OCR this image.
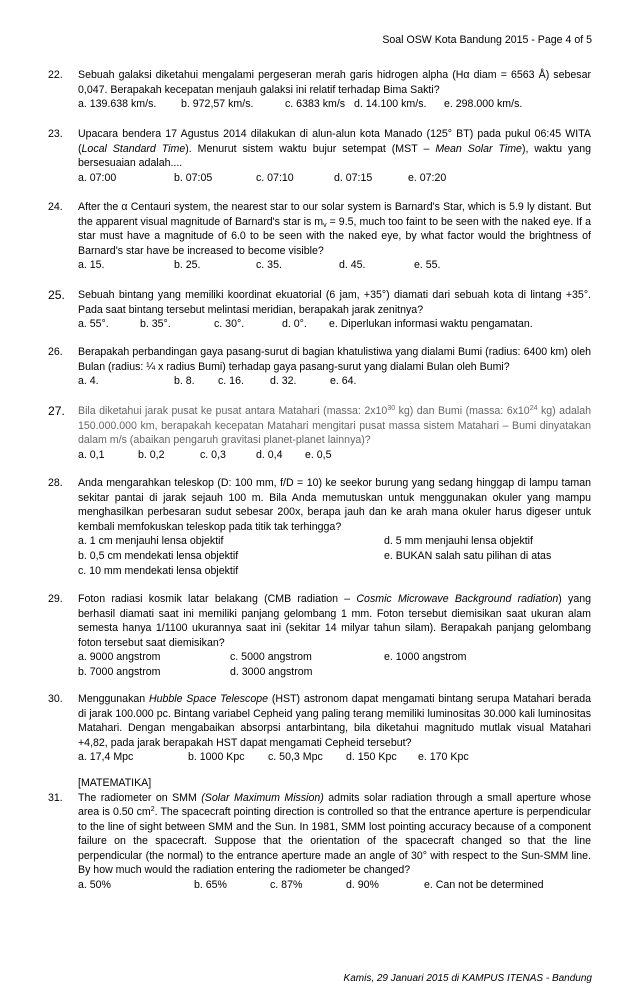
Soal OSW Kota Bandung 2015 - Page 4 of 5
22. Sebuah galaksi diketahui mengalami pergeseran merah garis hidrogen alpha (Hα diam = 6563 Å) sebesar 0,047. Berapakah kecepatan menjauh galaksi ini relatif terhadap Bima Sakti?
a. 139.638 km/s. b. 972,57 km/s.	c. 6383 km/s d. 14.100 km/s. e. 298.000 km/s.
23. Upacara bendera 17 Agustus 2014 dilakukan di alun-alun kota Manado (125° BT) pada pukul 06:45 WITA (Local Standard Time). Menurut sistem waktu bujur setempat (MST – Mean Solar Time), waktu yang bersesuaian adalah....
a. 07:00	b. 07:05	c. 07:10	d. 07:15	e. 07:20
24. After the α Centauri system, the nearest star to our solar system is Barnard's Star, which is 5.9 ly distant. But the apparent visual magnitude of Barnard's star is $m_v = 9.5$, much too faint to be seen with the naked eye. If a star must have a magnitude of 6.0 to be seen with the naked eye, by what factor would the brightness of Barnard's star have be increased to become visible?
a. 15.	b. 25.	c. 35.	d. 45.	e. 55.
25. Sebuah bintang yang memiliki koordinat ekuatorial (6 jam, +35°) diamati dari sebuah kota di lintang +35°. Pada saat bintang tersebut melintasi meridian, berapakah jarak zenitnya?
a. 55°.	b. 35°.	c. 30°.	d. 0°. e. Diperlukan informasi waktu pengamatan.
26. Berapakah perbandingan gaya pasang-surut di bagian khatulistiwa yang dialami Bumi (radius: 6400 km) oleh Bulan (radius: ¼ x radius Bumi) terhadap gaya pasang-surut yang dialami Bulan oleh Bumi?
a. 4.	b. 8. c. 16. d. 32.	e. 64.
27. Bila diketahui jarak pusat ke pusat antara Matahari (massa: $2x10^{30}$ kg) dan Bumi (massa: $6x10^{24}$ kg) adalah 150.000.000 km, berapakah kecepatan Matahari mengitari pusat massa sistem Matahari – Bumi dinyatakan dalam m/s (abaikan pengaruh gravitasi planet-planet lainnya)?
a. 0,1	b. 0,2	c. 0,3	d. 0,4 e. 0,5
28. Anda mengarahkan teleskop (D: 100 mm, f/D = 10) ke seekor burung yang sedang hinggap di lampu taman sekitar pantai di jarak sejauh 100 m. Bila Anda memutuskan untuk menggunakan okuler yang mampu menghasilkan perbesaran sudut sebesar 200x, berapa jauh dan ke arah mana okuler harus digeser untuk kembali memfokuskan teleskop pada titik tak terhingga?
a. 1 cm menjauhi lensa objektif	d. 5 mm menjauhi lensa objektif
b. 0,5 cm mendekati lensa objektif	e. BUKAN salah satu pilihan di atas
c. 10 mm mendekati lensa objektif
29. Foton radiasi kosmik latar belakang (CMB radiation – Cosmic Microwave Background radiation) yang berhasil diamati saat ini memiliki panjang gelombang 1 mm. Foton tersebut diemisikan saat ukuran alam semesta hanya 1/1100 ukurannya saat ini (sekitar 14 milyar tahun silam). Berapakah panjang gelombang foton tersebut saat diemisikan?
a. 9000 angstrom	c. 5000 angstrom	e. 1000 angstrom
b. 7000 angstrom	d. 3000 angstrom
30. Menggunakan Hubble Space Telescope (HST) astronom dapat mengamati bintang serupa Matahari berada di jarak 100.000 pc. Bintang variabel Cepheid yang paling terang memiliki luminositas 30.000 kali luminositas Matahari. Dengan mengabaikan absorpsi antarbintang, bila diketahui magnitudo mutlak visual Matahari +4,82, pada jarak berapakah HST dapat mengamati Cepheid tersebut?
a. 17,4 Mpc	b. 1000 Kpc c. 50,3 Mpc d. 150 Kpc e. 170 Kpc
[MATEMATIKA]
31. The radiometer on SMM (Solar Maximum Mission) admits solar radiation through a small aperture whose area is 0.50 $cm^2$. The spacecraft pointing direction is controlled so that the entrance aperture is perpendicular to the line of sight between SMM and the Sun. In 1981, SMM lost pointing accuracy because of a component failure on the spacecraft. Suppose that the orientation of the spacecraft changed so that the line perpendicular (the normal) to the entrance aperture made an angle of 30° with respect to the Sun-SMM line. By how much would the radiation entering the radiometer be changed?
a. 50%	b. 65%	c. 87%	d. 90%	e. Can not be determined
Kamis, 29 Januari 2015 di KAMPUS ITENAS - Bandung
